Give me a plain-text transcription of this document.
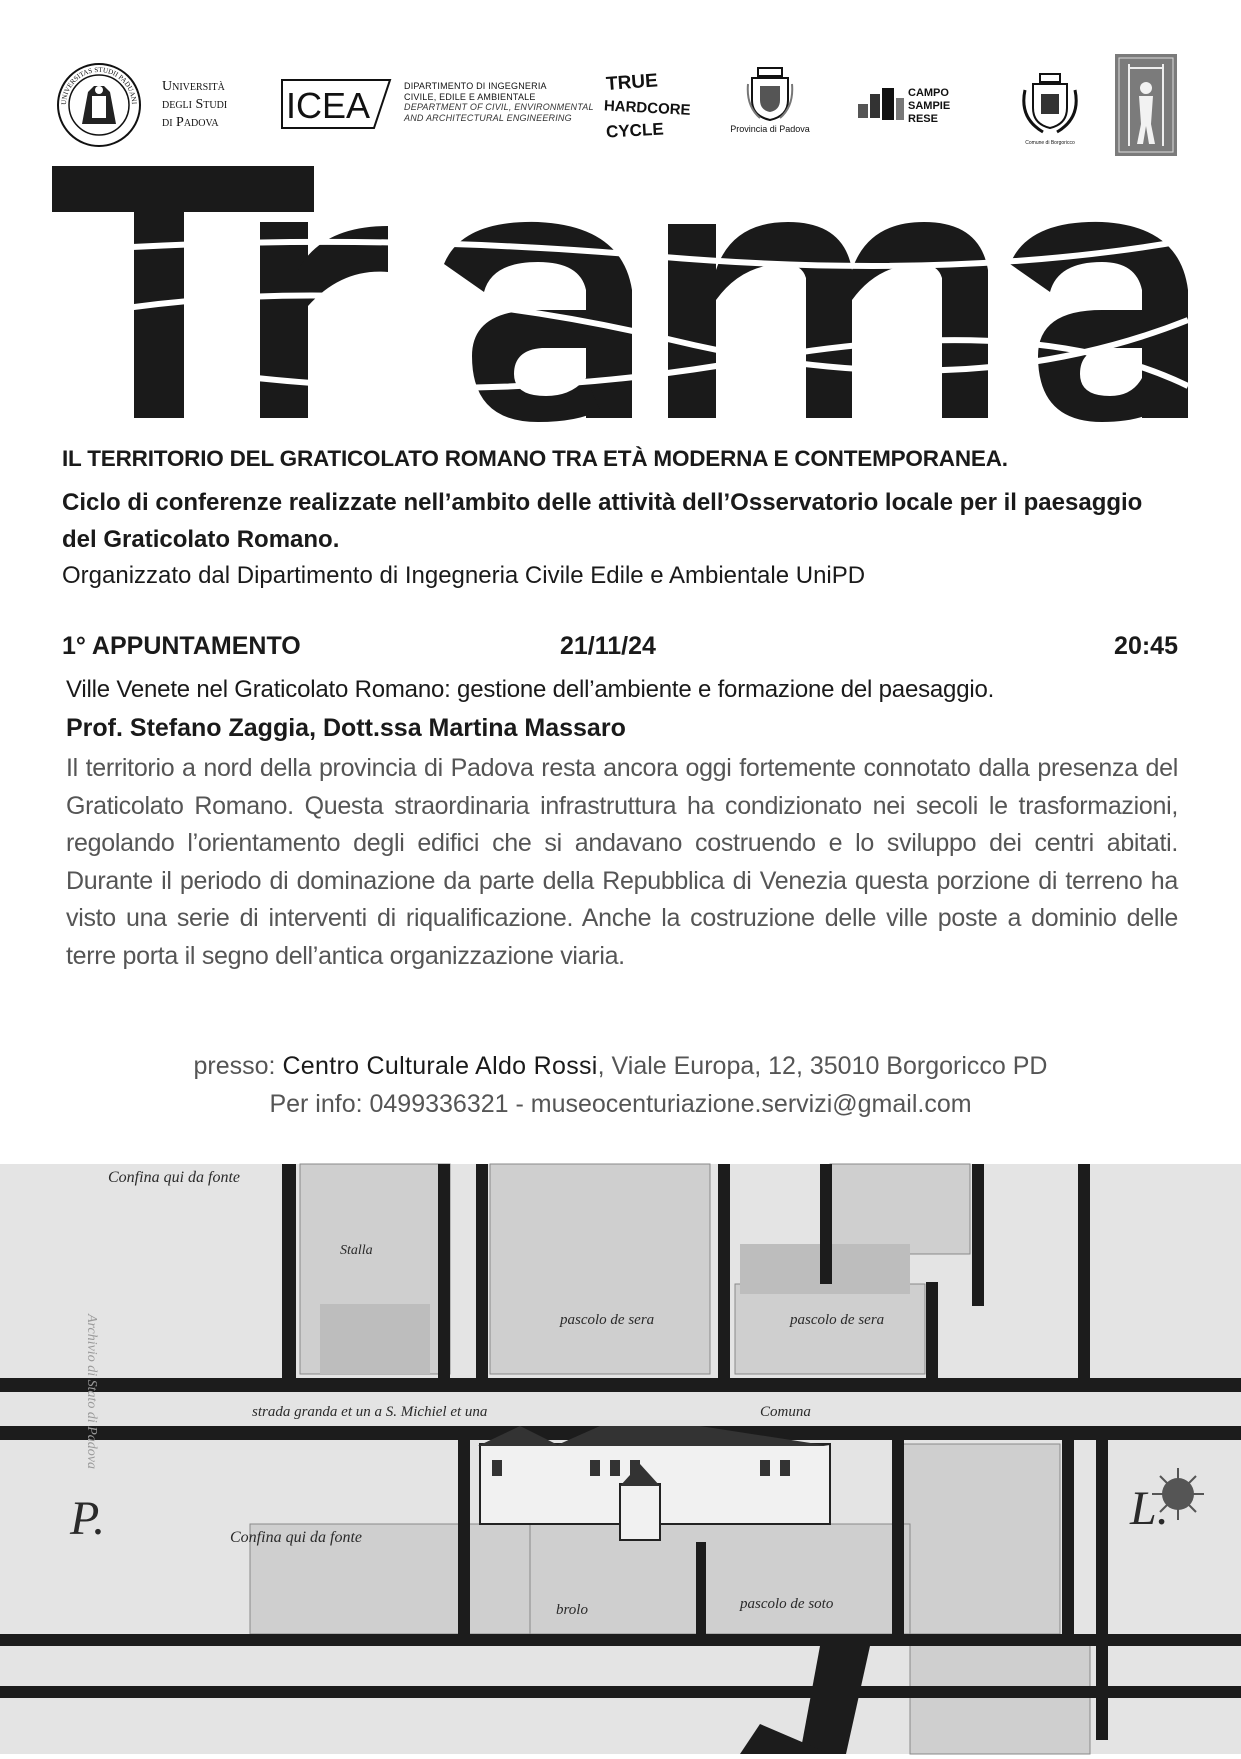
UNIVERSITAS STUDII PADUANI
Università
degli Studi
di Padova ICEA	DIPARTIMENTO DI INGEGNERIA
CIVILE, EDILE E AMBIENTALE
DEPARTMENT OF CIVIL, ENVIRONMENTAL
AND ARCHITECTURAL ENGINEERING
TRUE
HARDCORE
CYCLE	Provincia di Padova
CAMPO
SAMPIE
RESE
Comune di Borgoricco
IL TERRITORIO DEL GRATICOLATO ROMANO TRA ETÀ MODERNA E CONTEMPORANEA.
Ciclo di conferenze realizzate nell’ambito delle attività dell’Osservatorio locale per il paesaggio del Graticolato Romano.
Organizzato dal Dipartimento di Ingegneria Civile Edile e Ambientale UniPD
1° APPUNTAMENTO	21/11/24	20:45
Ville Venete nel Graticolato Romano: gestione dell’ambiente e formazione del paesaggio.
Prof. Stefano Zaggia, Dott.ssa Martina Massaro
Il territorio a nord della provincia di Padova resta ancora oggi fortemente connotato dalla presenza del Graticolato Romano. Questa straordinaria infrastruttura ha condizionato nei secoli le trasformazioni, regolando l’orientamento degli edifici che si andavano costruendo e lo sviluppo dei centri abitati. Durante il periodo di dominazione da parte della Repubblica di Venezia questa porzione di terreno ha visto una serie di interventi di riqualificazione. Anche la costruzione delle ville poste a dominio delle terre porta il segno dell’antica organizzazione viaria.
presso: Centro Culturale Aldo Rossi, Viale Europa, 12, 35010 Borgoricco PD
Per info: 0499336321 - museocenturiazione.servizi@gmail.com
Confina qui da fonte
Stalla
pascolo de sera	pascolo de sera
strada granda et un a S. Michiel et una	Comuna
P.	Confina qui da fonte
L.
brolo	pascolo de soto
Archivio di Stato di Padova
